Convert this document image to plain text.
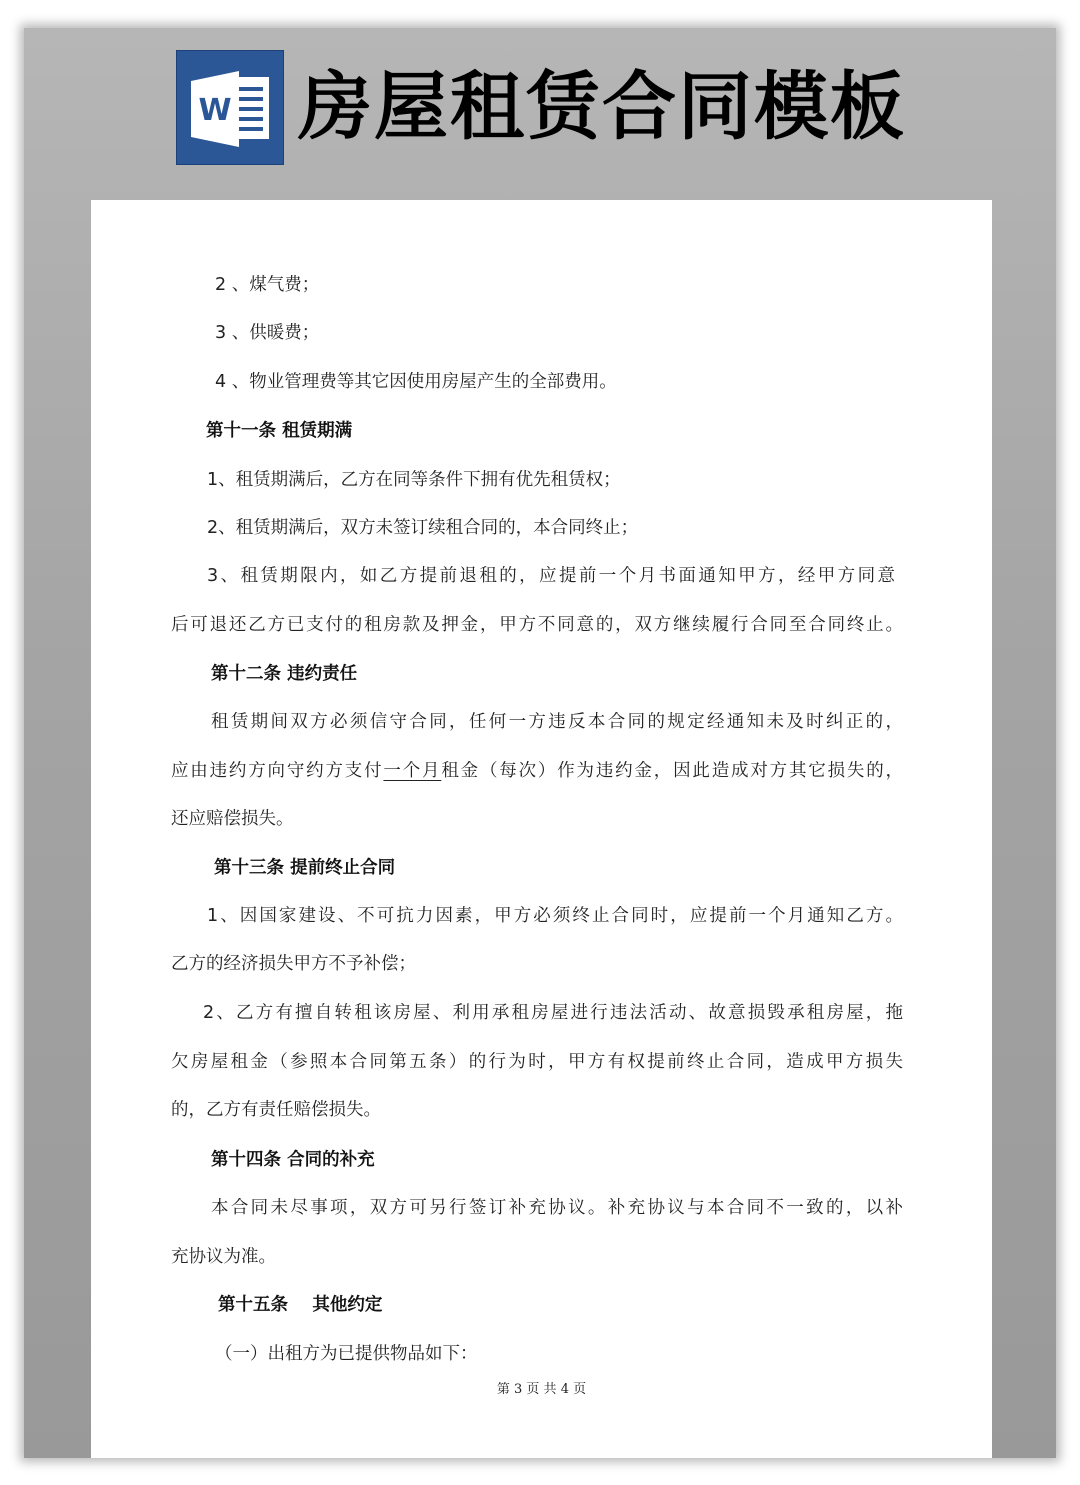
W 房屋租赁合同模板
2 、煤气费；
3 、供暖费；
4 、物业管理费等其它因使用房屋产生的全部费用。
第十一条 租赁期满
1、租赁期满后，乙方在同等条件下拥有优先租赁权；
2、租赁期满后，双方未签订续租合同的，本合同终止；
3、租赁期限内，如乙方提前退租的，应提前一个月书面通知甲方，经甲方同意
后可退还乙方已支付的租房款及押金，甲方不同意的，双方继续履行合同至合同终止。
第十二条 违约责任
租赁期间双方必须信守合同，任何一方违反本合同的规定经通知未及时纠正的，
应由违约方向守约方支付一个月租金（每次）作为违约金，因此造成对方其它损失的，
还应赔偿损失。
第十三条 提前终止合同
1、因国家建设、不可抗力因素，甲方必须终止合同时，应提前一个月通知乙方。
乙方的经济损失甲方不予补偿；
2、乙方有擅自转租该房屋、利用承租房屋进行违法活动、故意损毁承租房屋，拖
欠房屋租金（参照本合同第五条）的行为时，甲方有权提前终止合同，造成甲方损失
的，乙方有责任赔偿损失。
第十四条 合同的补充
本合同未尽事项，双方可另行签订补充协议。补充协议与本合同不一致的，以补
充协议为准。
第十五条    其他约定
（一）出租方为已提供物品如下：
第 3 页 共 4 页
